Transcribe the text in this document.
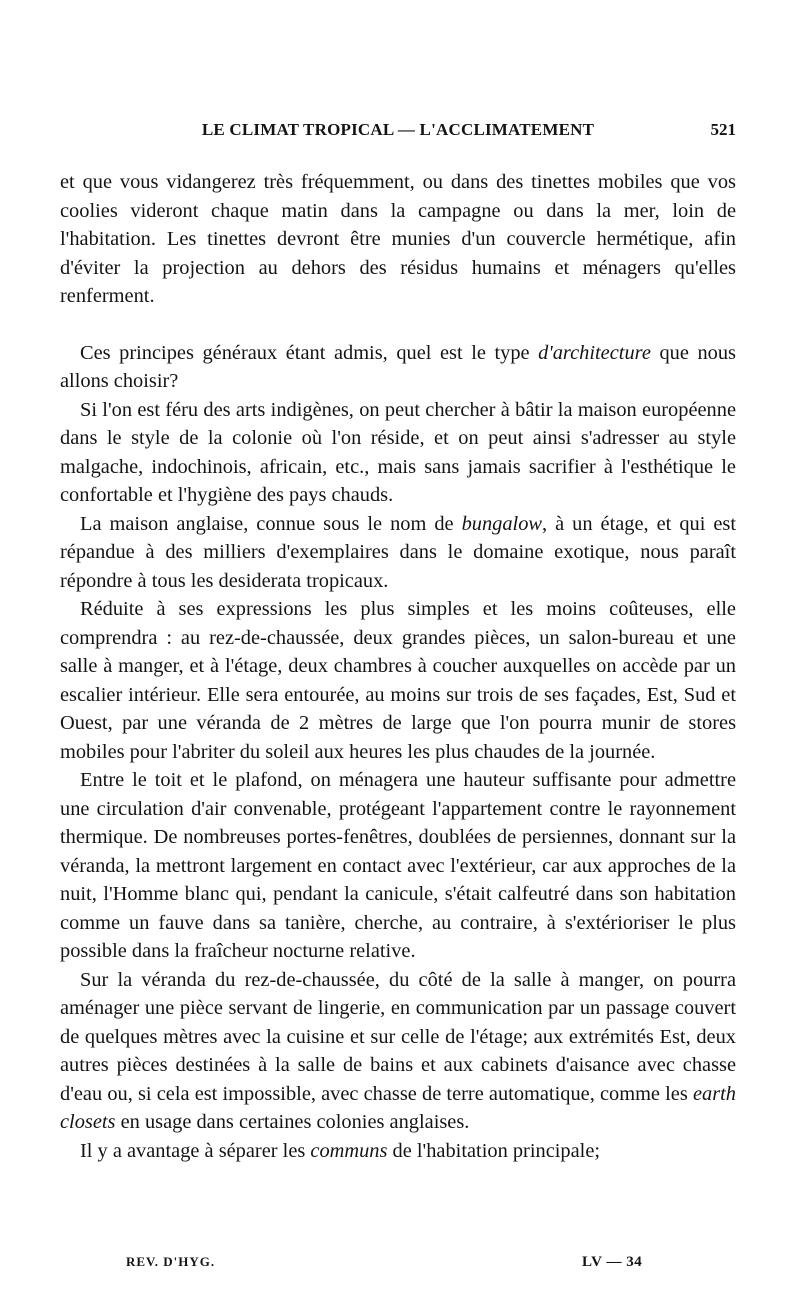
LE CLIMAT TROPICAL — L'ACCLIMATEMENT	521

et que vous vidangerez très fréquemment, ou dans des tinettes mobiles que vos coolies videront chaque matin dans la campagne ou dans la mer, loin de l'habitation. Les tinettes devront être munies d'un couvercle hermétique, afin d'éviter la projection au dehors des résidus humains et ménagers qu'elles renferment.

Ces principes généraux étant admis, quel est le type d'architecture que nous allons choisir?

Si l'on est féru des arts indigènes, on peut chercher à bâtir la maison européenne dans le style de la colonie où l'on réside, et on peut ainsi s'adresser au style malgache, indochinois, africain, etc., mais sans jamais sacrifier à l'esthétique le confortable et l'hygiène des pays chauds.

La maison anglaise, connue sous le nom de bungalow, à un étage, et qui est répandue à des milliers d'exemplaires dans le domaine exotique, nous paraît répondre à tous les desiderata tropicaux.

Réduite à ses expressions les plus simples et les moins coûteuses, elle comprendra : au rez-de-chaussée, deux grandes pièces, un salon-bureau et une salle à manger, et à l'étage, deux chambres à coucher auxquelles on accède par un escalier intérieur. Elle sera entourée, au moins sur trois de ses façades, Est, Sud et Ouest, par une véranda de 2 mètres de large que l'on pourra munir de stores mobiles pour l'abriter du soleil aux heures les plus chaudes de la journée.

Entre le toit et le plafond, on ménagera une hauteur suffisante pour admettre une circulation d'air convenable, protégeant l'appartement contre le rayonnement thermique. De nombreuses portes-fenêtres, doublées de persiennes, donnant sur la véranda, la mettront largement en contact avec l'extérieur, car aux approches de la nuit, l'Homme blanc qui, pendant la canicule, s'était calfeutré dans son habitation comme un fauve dans sa tanière, cherche, au contraire, à s'extérioriser le plus possible dans la fraîcheur nocturne relative.

Sur la véranda du rez-de-chaussée, du côté de la salle à manger, on pourra aménager une pièce servant de lingerie, en communication par un passage couvert de quelques mètres avec la cuisine et sur celle de l'étage; aux extrémités Est, deux autres pièces destinées à la salle de bains et aux cabinets d'aisance avec chasse d'eau ou, si cela est impossible, avec chasse de terre automatique, comme les earth closets en usage dans certaines colonies anglaises.

Il y a avantage à séparer les communs de l'habitation principale;

REV. D'HYG.	LV — 34
